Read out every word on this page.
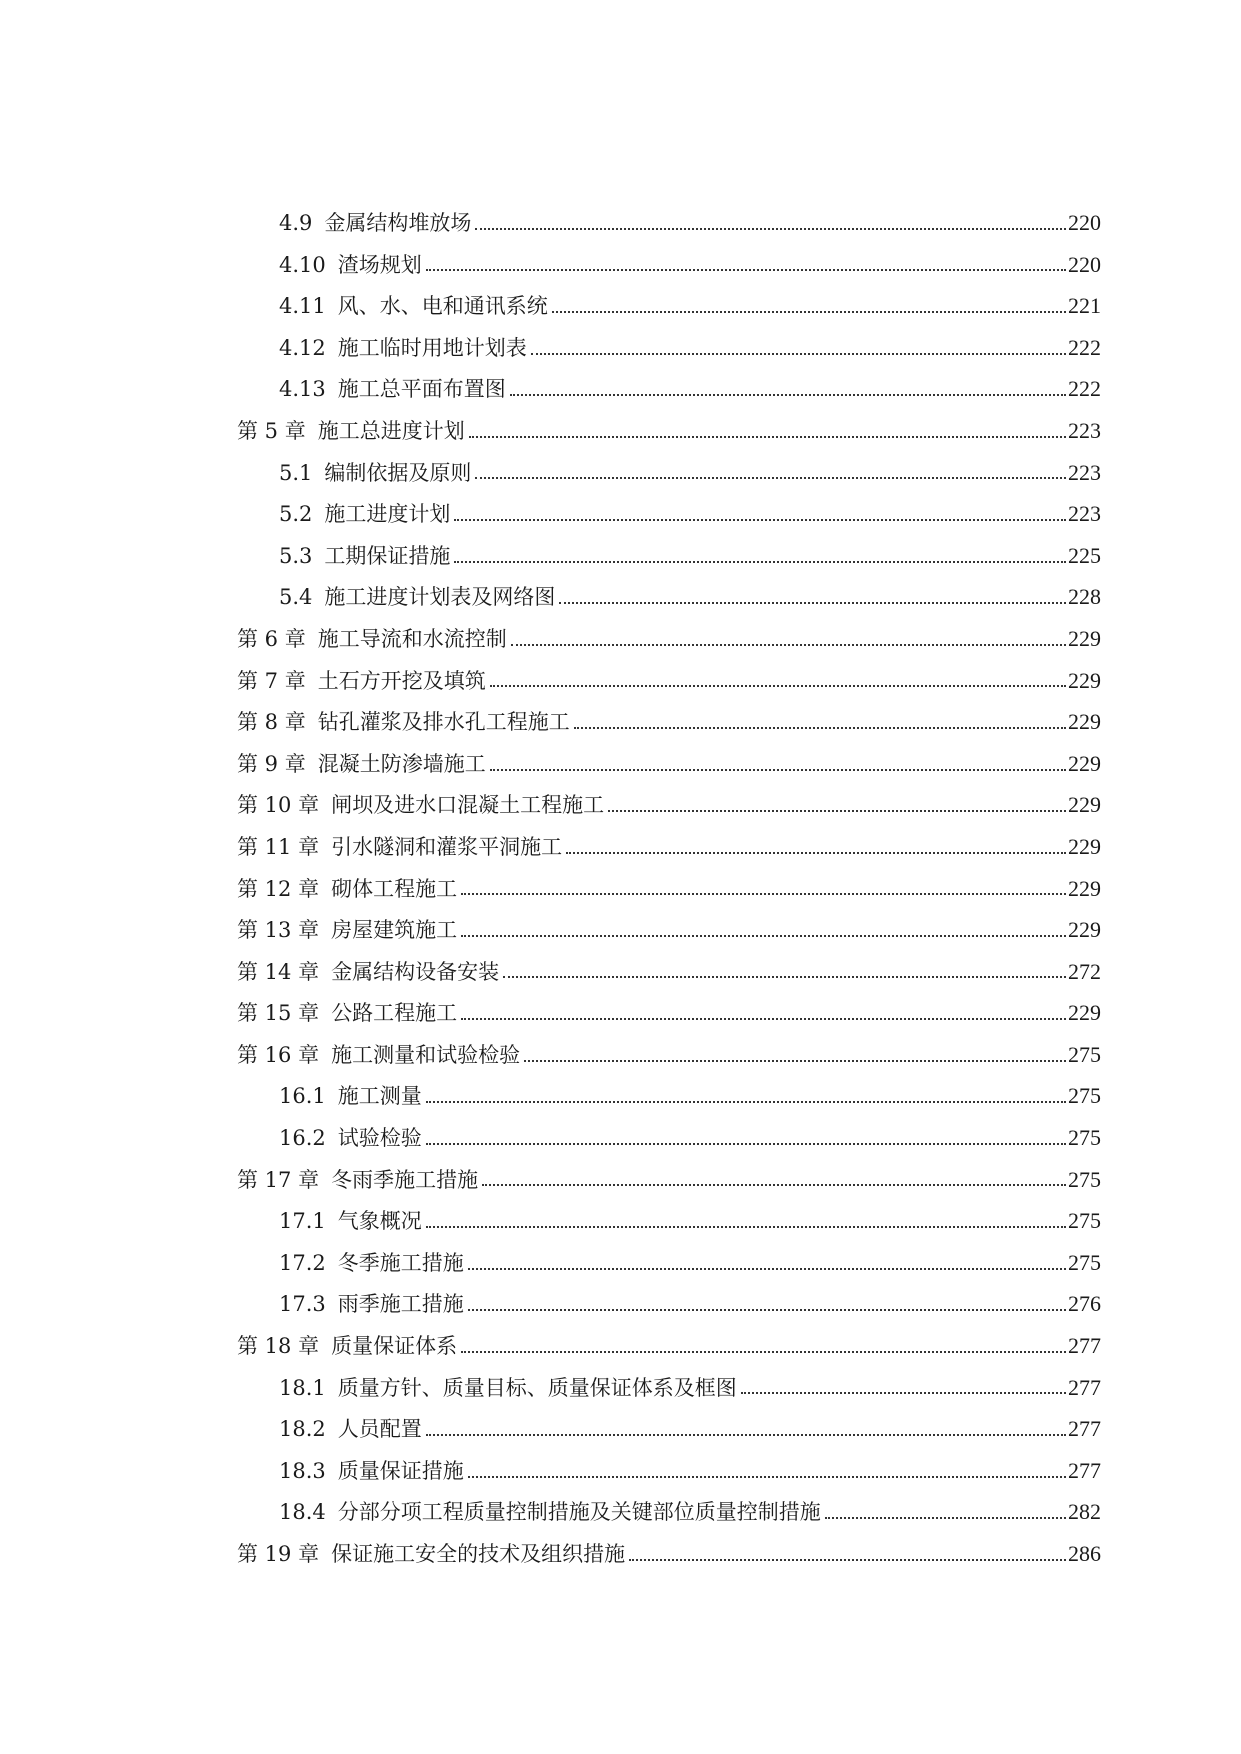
4.9 金属结构堆放场	220
4.10 渣场规划	220
4.11 风、水、电和通讯系统	221
4.12 施工临时用地计划表	222
4.13 施工总平面布置图	222
第 5 章 施工总进度计划	223
5.1 编制依据及原则	223
5.2 施工进度计划	223
5.3 工期保证措施	225
5.4 施工进度计划表及网络图	228
第 6 章 施工导流和水流控制	229
第 7 章 土石方开挖及填筑	229
第 8 章 钻孔灌浆及排水孔工程施工	229
第 9 章 混凝土防渗墙施工	229
第 10 章 闸坝及进水口混凝土工程施工	229
第 11 章 引水隧洞和灌浆平洞施工	229
第 12 章 砌体工程施工	229
第 13 章 房屋建筑施工	229
第 14 章 金属结构设备安装	272
第 15 章 公路工程施工	229
第 16 章 施工测量和试验检验	275
16.1 施工测量	275
16.2 试验检验	275
第 17 章 冬雨季施工措施	275
17.1 气象概况	275
17.2 冬季施工措施	275
17.3 雨季施工措施	276
第 18 章 质量保证体系	277
18.1 质量方针、质量目标、质量保证体系及框图	277
18.2 人员配置	277
18.3 质量保证措施	277
18.4 分部分项工程质量控制措施及关键部位质量控制措施	282
第 19 章 保证施工安全的技术及组织措施	286
